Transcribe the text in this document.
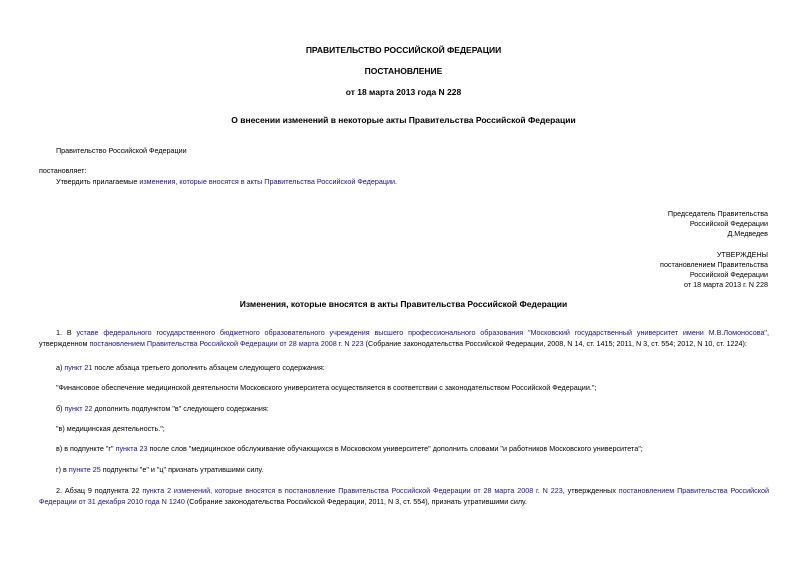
ПРАВИТЕЛЬСТВО РОССИЙСКОЙ ФЕДЕРАЦИИ
ПОСТАНОВЛЕНИЕ
от 18 марта 2013 года N 228
О внесении изменений в некоторые акты Правительства Российской Федерации
Правительство Российской Федерации
постановляет:
Утвердить прилагаемые изменения, которые вносятся в акты Правительства Российской Федерации.
Председатель Правительства
Российской Федерации
Д.Медведев
УТВЕРЖДЕНЫ
постановлением Правительства
Российской Федерации
от 18 марта 2013 г. N 228
Изменения, которые вносятся в акты Правительства Российской Федерации
1. В уставе федерального государственного бюджетного образовательного учреждения высшего профессионального образования "Московский государственный университет имени М.В.Ломоносова", утвержденном постановлением Правительства Российской Федерации от 28 марта 2008 г. N 223 (Собрание законодательства Российской Федерации, 2008, N 14, ст. 1415; 2011, N 3, ст. 554; 2012, N 10, ст. 1224):
а) пункт 21 после абзаца третьего дополнить абзацем следующего содержания:
"Финансовое обеспечение медицинской деятельности Московского университета осуществляется в соответствии с законодательством Российской Федерации.";
б) пункт 22 дополнить подпунктом "в" следующего содержания:
"в) медицинская деятельность.";
в) в подпункте "г" пункта 23 после слов "медицинское обслуживание обучающихся в Московском университете" дополнить словами "и работников Московского университета";
г) в пункте 25 подпункты "е" и "ц" признать утратившими силу.
2. Абзац 9 подпункта 22 пункта 2 изменений, которые вносятся в постановление Правительства Российской Федерации от 28 марта 2008 г. N 223, утвержденных постановлением Правительства Российской Федерации от 31 декабря 2010 года N 1240 (Собрание законодательства Российской Федерации, 2011, N 3, ст. 554), признать утратившими силу.
